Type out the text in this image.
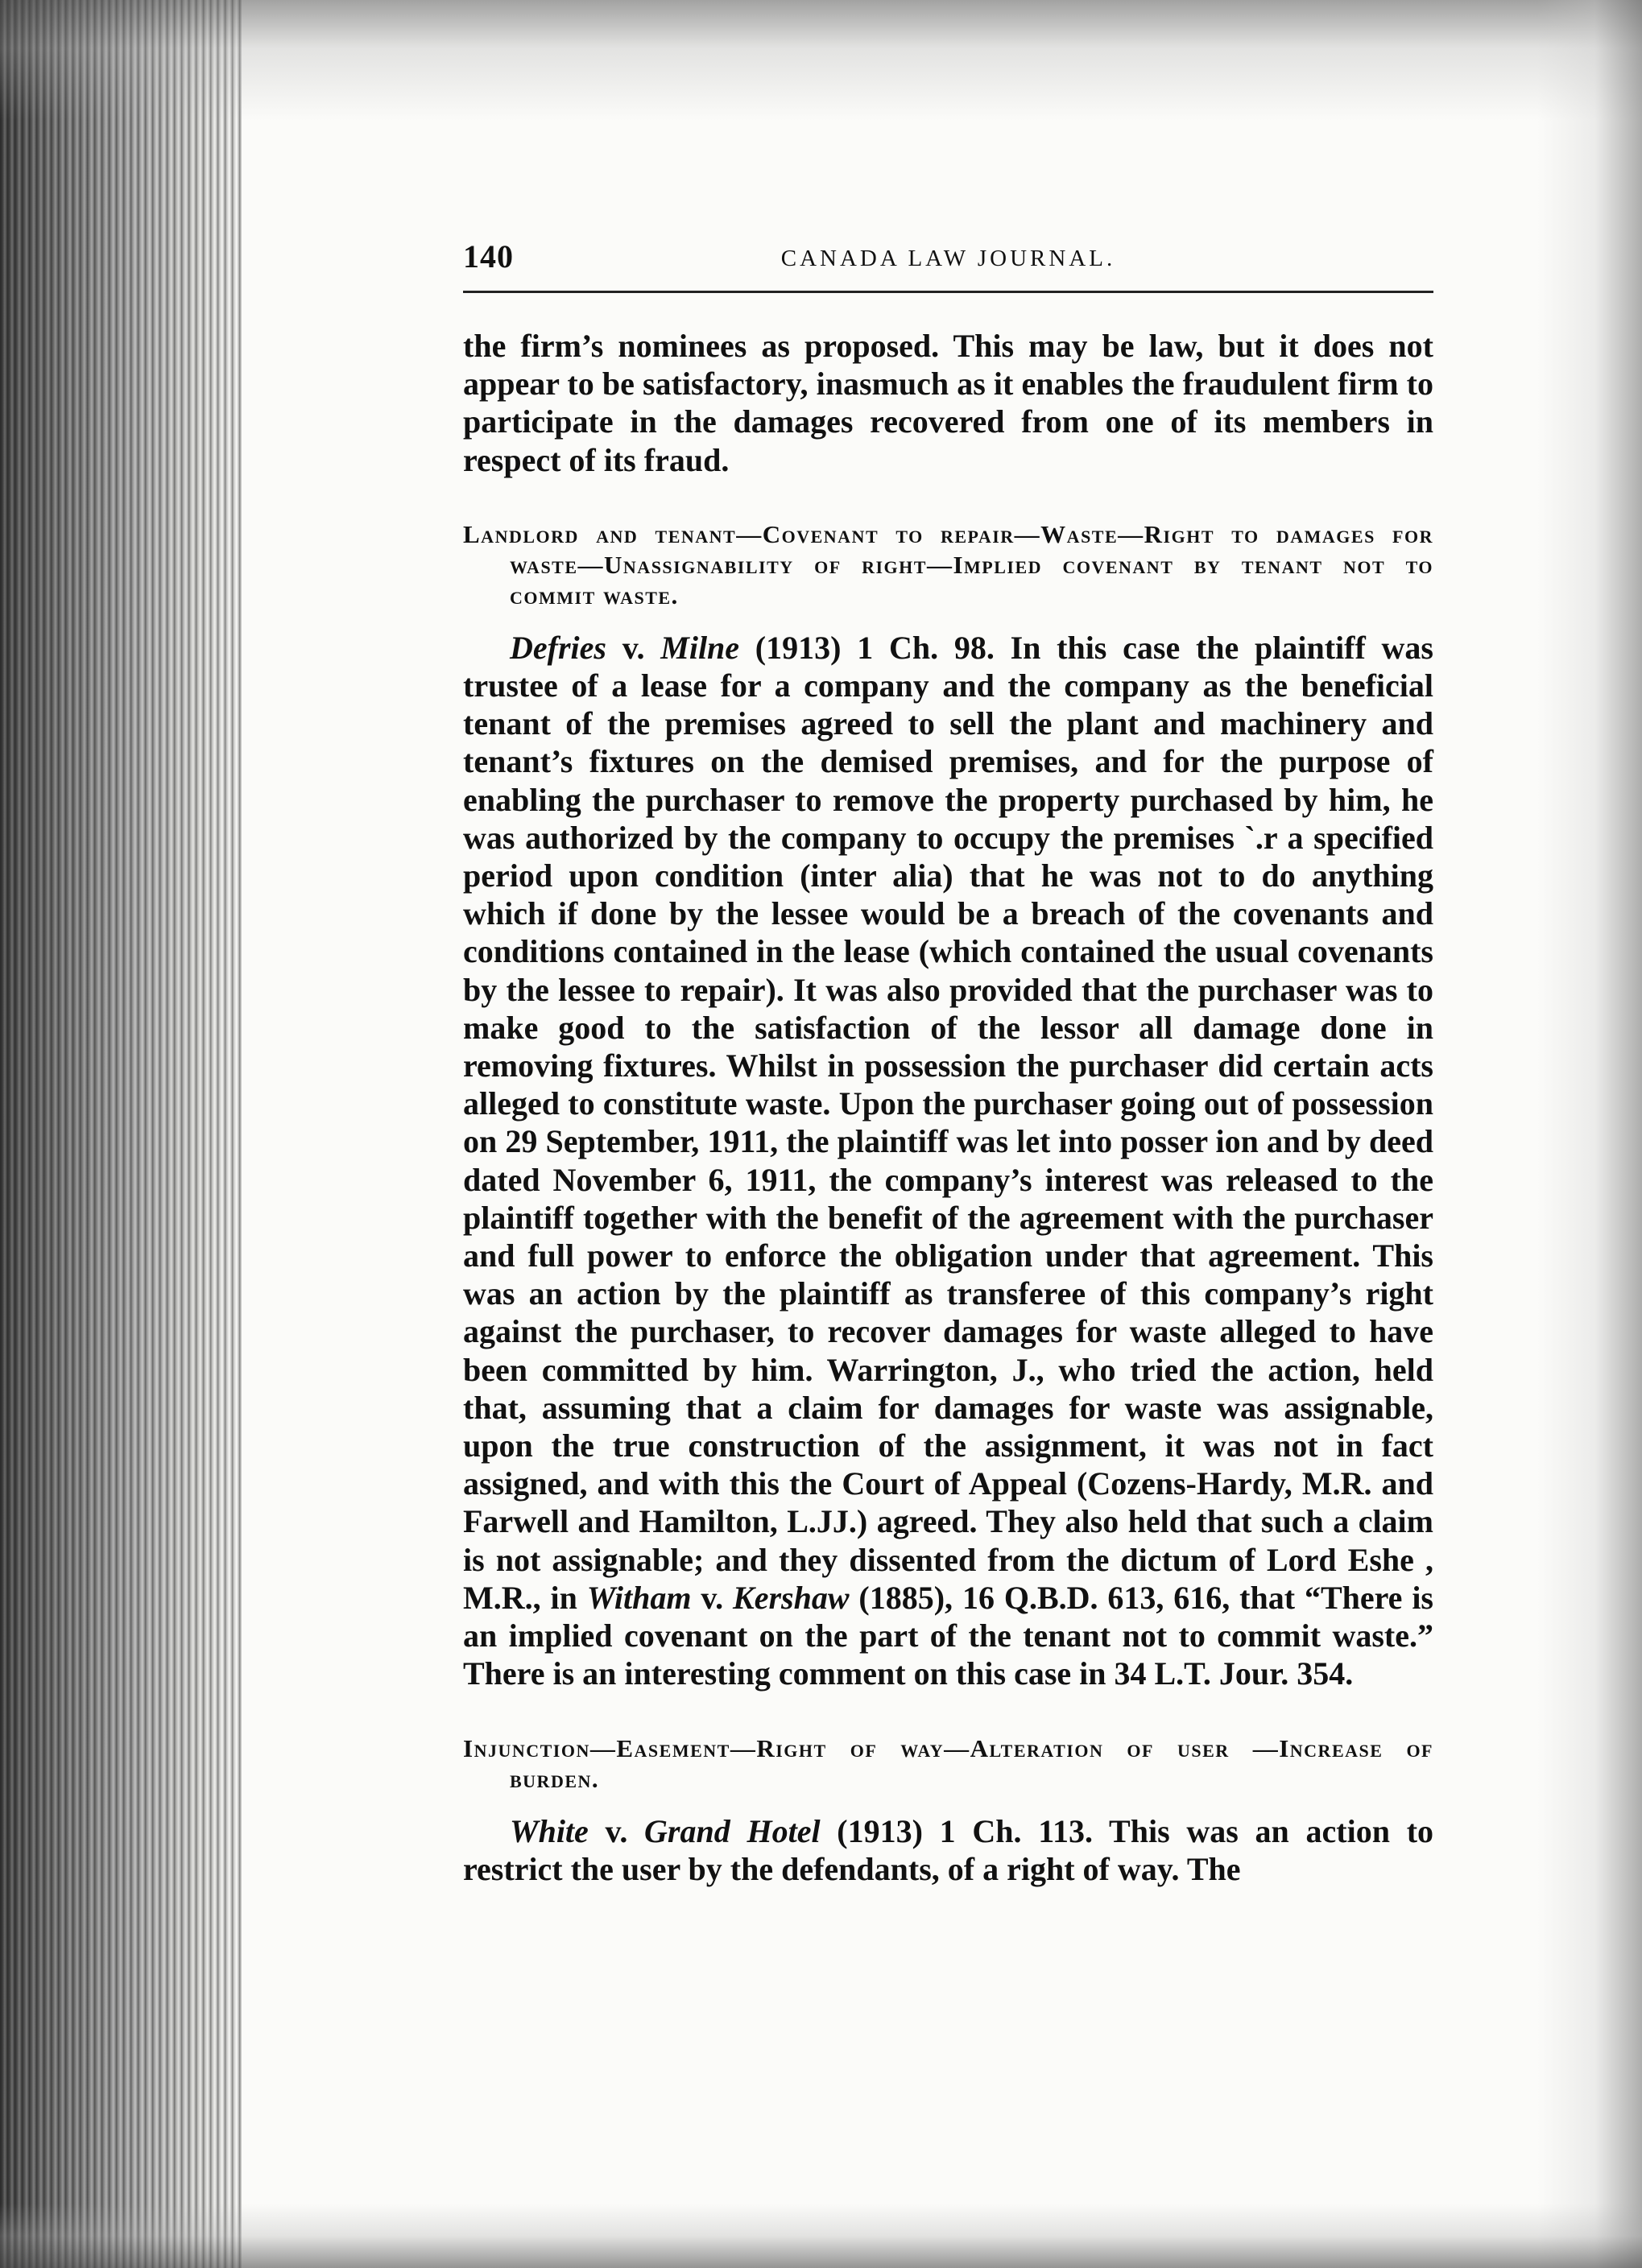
140	CANADA LAW JOURNAL.

the firm’s nominees as proposed. This may be law, but it does not appear to be satisfactory, inasmuch as it enables the fraudulent firm to participate in the damages recovered from one of its members in respect of its fraud.

Landlord and tenant—Covenant to repair—Waste—Right to damages for waste—Unassignability of right—Implied covenant by tenant not to commit waste.

Defries v. Milne (1913) 1 Ch. 98. In this case the plaintiff was trustee of a lease for a company and the company as the beneficial tenant of the premises agreed to sell the plant and machinery and tenant’s fixtures on the demised premises, and for the purpose of enabling the purchaser to remove the property purchased by him, he was authorized by the company to occupy the premises `.r a specified period upon condition (inter alia) that he was not to do anything which if done by the lessee would be a breach of the covenants and conditions contained in the lease (which contained the usual covenants by the lessee to repair). It was also provided that the purchaser was to make good to the satisfaction of the lessor all damage done in removing fixtures. Whilst in possession the purchaser did certain acts alleged to constitute waste. Upon the purchaser going out of possession on 29 September, 1911, the plaintiff was let into posser ion and by deed dated November 6, 1911, the company’s interest was released to the plaintiff together with the benefit of the agreement with the purchaser and full power to enforce the obligation under that agreement. This was an action by the plaintiff as transferee of this company’s right against the purchaser, to recover damages for waste alleged to have been committed by him. Warrington, J., who tried the action, held that, assuming that a claim for damages for waste was assignable, upon the true construction of the assignment, it was not in fact assigned, and with this the Court of Appeal (Cozens-Hardy, M.R. and Farwell and Hamilton, L.JJ.) agreed. They also held that such a claim is not assignable; and they dissented from the dictum of Lord Eshe , M.R., in Witham v. Kershaw (1885), 16 Q.B.D. 613, 616, that “There is an implied covenant on the part of the tenant not to commit waste.” There is an interesting comment on this case in 34 L.T. Jour. 354.

Injunction—Easement—Right of way—Alteration of user —Increase of burden.

White v. Grand Hotel (1913) 1 Ch. 113. This was an action to restrict the user by the defendants, of a right of way. The
